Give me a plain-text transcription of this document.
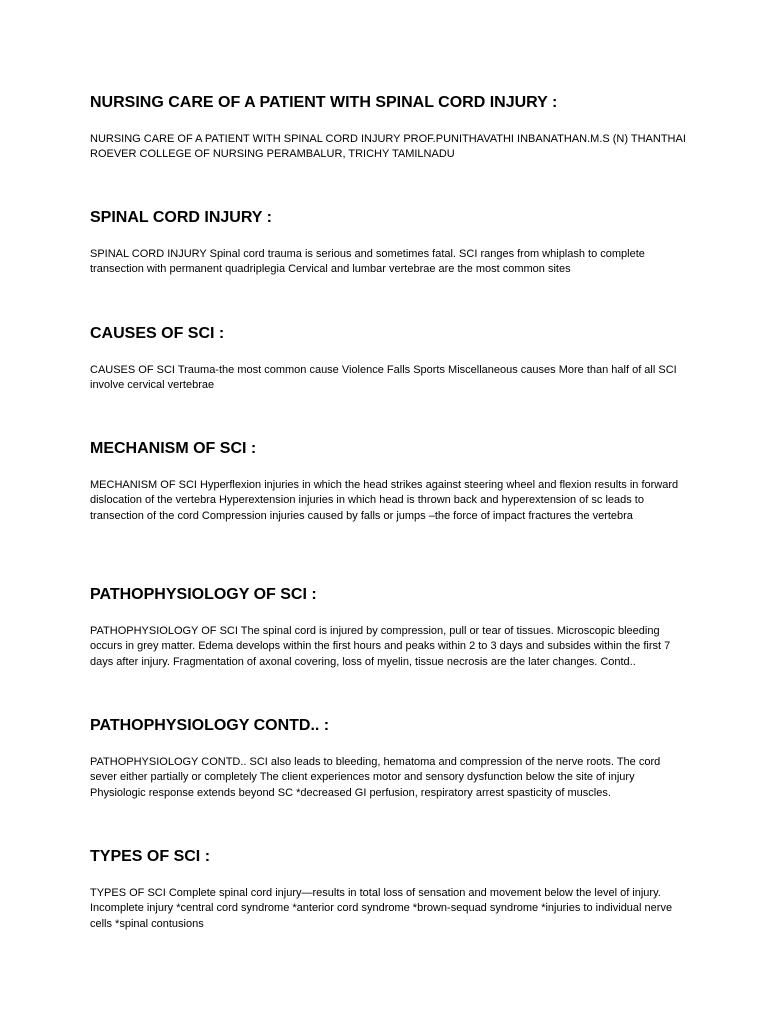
NURSING CARE OF A PATIENT WITH SPINAL CORD INJURY :

NURSING CARE OF A PATIENT WITH SPINAL CORD INJURY PROF.PUNITHAVATHI INBANATHAN.M.S (N) THANTHAI ROEVER COLLEGE OF NURSING PERAMBALUR, TRICHY TAMILNADU

SPINAL CORD INJURY :

SPINAL CORD INJURY Spinal cord trauma is serious and sometimes fatal. SCI ranges from whiplash to complete transection with permanent quadriplegia Cervical and lumbar vertebrae are the most common sites

CAUSES OF SCI :

CAUSES OF SCI Trauma-the most common cause Violence Falls Sports Miscellaneous causes More than half of all SCI involve cervical vertebrae

MECHANISM OF SCI :

MECHANISM OF SCI Hyperflexion injuries in which the head strikes against steering wheel and flexion results in forward dislocation of the vertebra Hyperextension injuries in which head is thrown back and hyperextension of sc leads to transection of the cord Compression injuries caused by falls or jumps –the force of impact fractures the vertebra

PATHOPHYSIOLOGY OF SCI :

PATHOPHYSIOLOGY OF SCI The spinal cord is injured by compression, pull or tear of tissues. Microscopic bleeding occurs in grey matter. Edema develops within the first hours and peaks within 2 to 3 days and subsides within the first 7 days after injury. Fragmentation of axonal covering, loss of myelin, tissue necrosis are the later changes. Contd..

PATHOPHYSIOLOGY CONTD.. :

PATHOPHYSIOLOGY CONTD.. SCI also leads to bleeding, hematoma and compression of the nerve roots. The cord sever either partially or completely The client experiences motor and sensory dysfunction below the site of injury Physiologic response extends beyond SC *decreased GI perfusion, respiratory arrest spasticity of muscles.

TYPES OF SCI :

TYPES OF SCI Complete spinal cord injury—results in total loss of sensation and movement below the level of injury. Incomplete injury *central cord syndrome *anterior cord syndrome *brown-sequad syndrome *injuries to individual nerve cells *spinal contusions
